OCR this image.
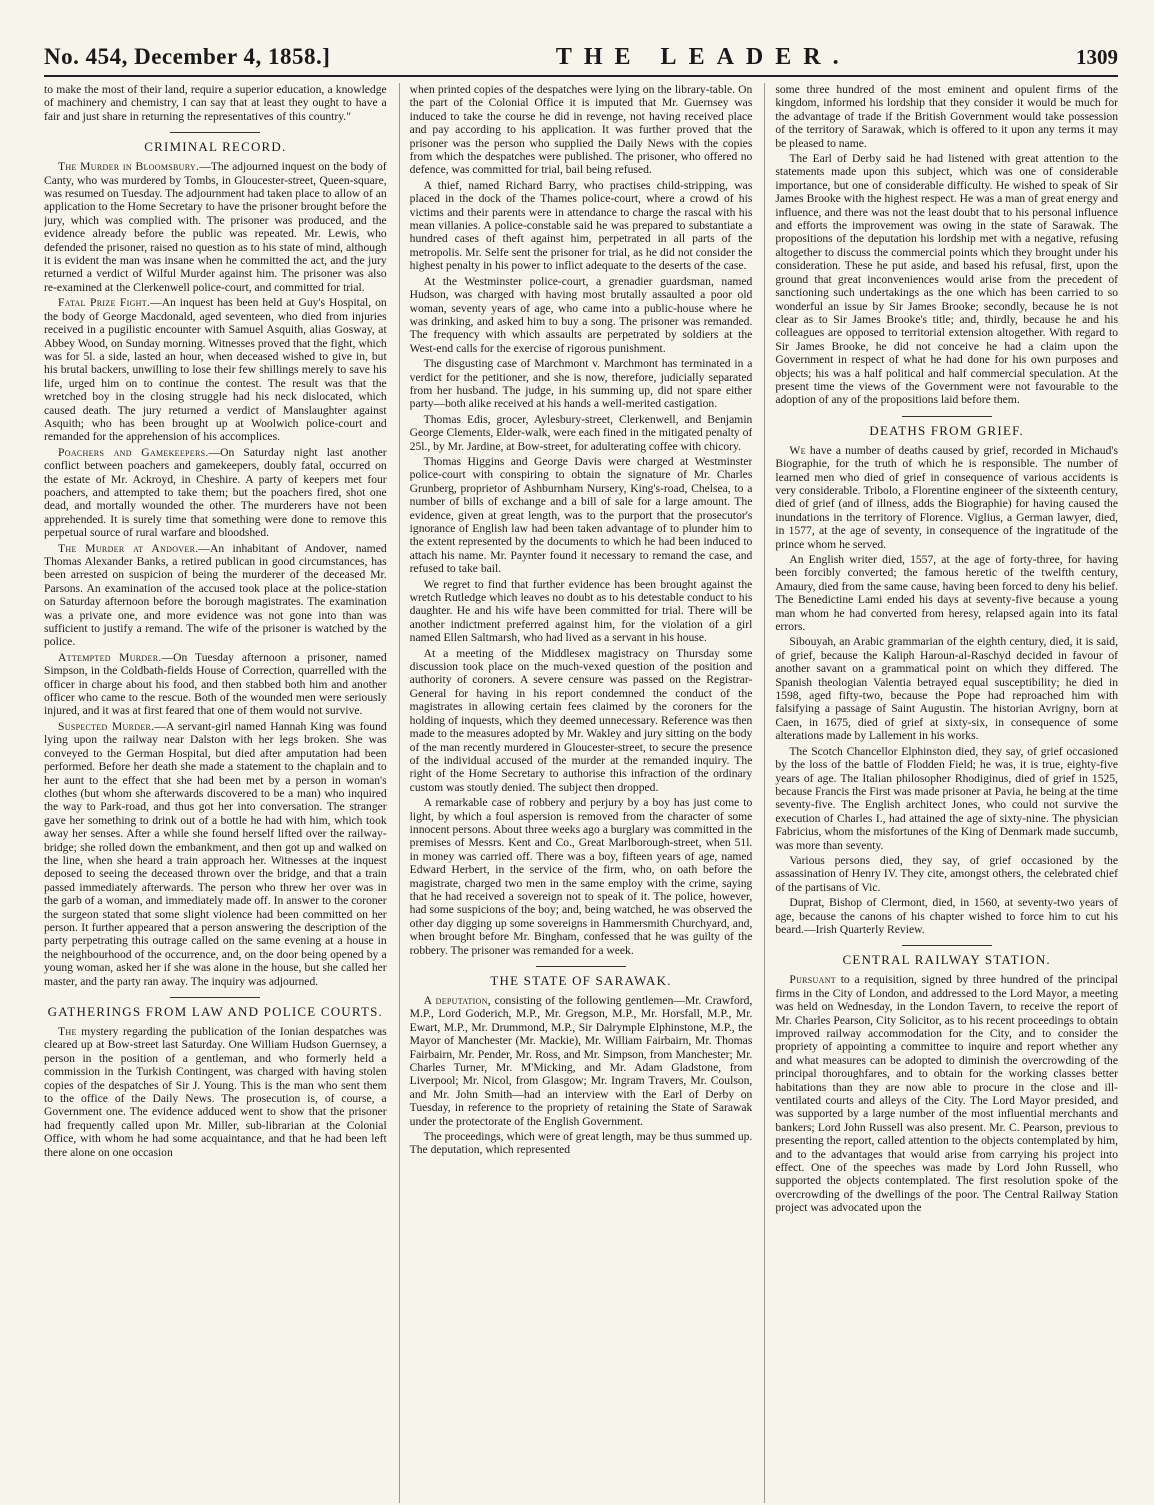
No. 454, December 4, 1858.]	THE LEADER.	1309

to make the most of their land, require a superior education, a knowledge of machinery and chemistry, I can say that at least they ought to have a fair and just share in returning the representatives of this country."

CRIMINAL RECORD.

The Murder in Bloomsbury.—The adjourned inquest on the body of Canty, who was murdered by Tombs, in Gloucester-street, Queen-square, was resumed on Tuesday. The adjournment had taken place to allow of an application to the Home Secretary to have the prisoner brought before the jury, which was complied with. The prisoner was produced, and the evidence already before the public was repeated. Mr. Lewis, who defended the prisoner, raised no question as to his state of mind, although it is evident the man was insane when he committed the act, and the jury returned a verdict of Wilful Murder against him. The prisoner was also re-examined at the Clerkenwell police-court, and committed for trial.

Fatal Prize Fight.—An inquest has been held at Guy's Hospital, on the body of George Macdonald, aged seventeen, who died from injuries received in a pugilistic encounter with Samuel Asquith, alias Gosway, at Abbey Wood, on Sunday morning. Witnesses proved that the fight, which was for 5l. a side, lasted an hour, when deceased wished to give in, but his brutal backers, unwilling to lose their few shillings merely to save his life, urged him on to continue the contest. The result was that the wretched boy in the closing struggle had his neck dislocated, which caused death. The jury returned a verdict of Manslaughter against Asquith; who has been brought up at Woolwich police-court and remanded for the apprehension of his accomplices.

Poachers and Gamekeepers.—On Saturday night last another conflict between poachers and gamekeepers, doubly fatal, occurred on the estate of Mr. Ackroyd, in Cheshire. A party of keepers met four poachers, and attempted to take them; but the poachers fired, shot one dead, and mortally wounded the other. The murderers have not been apprehended. It is surely time that something were done to remove this perpetual source of rural warfare and bloodshed.

The Murder at Andover.—An inhabitant of Andover, named Thomas Alexander Banks, a retired publican in good circumstances, has been arrested on suspicion of being the murderer of the deceased Mr. Parsons. An examination of the accused took place at the police-station on Saturday afternoon before the borough magistrates. The examination was a private one, and more evidence was not gone into than was sufficient to justify a remand. The wife of the prisoner is watched by the police.

Attempted Murder.—On Tuesday afternoon a prisoner, named Simpson, in the Coldbath-fields House of Correction, quarrelled with the officer in charge about his food, and then stabbed both him and another officer who came to the rescue. Both of the wounded men were seriously injured, and it was at first feared that one of them would not survive.

Suspected Murder.—A servant-girl named Hannah King was found lying upon the railway near Dalston with her legs broken. She was conveyed to the German Hospital, but died after amputation had been performed. Before her death she made a statement to the chaplain and to her aunt to the effect that she had been met by a person in woman's clothes (but whom she afterwards discovered to be a man) who inquired the way to Park-road, and thus got her into conversation. The stranger gave her something to drink out of a bottle he had with him, which took away her senses. After a while she found herself lifted over the railway-bridge; she rolled down the embankment, and then got up and walked on the line, when she heard a train approach her. Witnesses at the inquest deposed to seeing the deceased thrown over the bridge, and that a train passed immediately afterwards. The person who threw her over was in the garb of a woman, and immediately made off. In answer to the coroner the surgeon stated that some slight violence had been committed on her person. It further appeared that a person answering the description of the party perpetrating this outrage called on the same evening at a house in the neighbourhood of the occurrence, and, on the door being opened by a young woman, asked her if she was alone in the house, but she called her master, and the party ran away. The inquiry was adjourned.

GATHERINGS FROM LAW AND POLICE COURTS.

The mystery regarding the publication of the Ionian despatches was cleared up at Bow-street last Saturday. One William Hudson Guernsey, a person in the position of a gentleman, and who formerly held a commission in the Turkish Contingent, was charged with having stolen copies of the despatches of Sir J. Young. This is the man who sent them to the office of the Daily News. The prosecution is, of course, a Government one. The evidence adduced went to show that the prisoner had frequently called upon Mr. Miller, sub-librarian at the Colonial Office, with whom he had some acquaintance, and that he had been left there alone on one occasion

when printed copies of the despatches were lying on the library-table. On the part of the Colonial Office it is imputed that Mr. Guernsey was induced to take the course he did in revenge, not having received place and pay according to his application. It was further proved that the prisoner was the person who supplied the Daily News with the copies from which the despatches were published. The prisoner, who offered no defence, was committed for trial, bail being refused.

A thief, named Richard Barry, who practises child-stripping, was placed in the dock of the Thames police-court, where a crowd of his victims and their parents were in attendance to charge the rascal with his mean villanies. A police-constable said he was prepared to substantiate a hundred cases of theft against him, perpetrated in all parts of the metropolis. Mr. Selfe sent the prisoner for trial, as he did not consider the highest penalty in his power to inflict adequate to the deserts of the case.

At the Westminster police-court, a grenadier guardsman, named Hudson, was charged with having most brutally assaulted a poor old woman, seventy years of age, who came into a public-house where he was drinking, and asked him to buy a song. The prisoner was remanded. The frequency with which assaults are perpetrated by soldiers at the West-end calls for the exercise of rigorous punishment.

The disgusting case of Marchmont v. Marchmont has terminated in a verdict for the petitioner, and she is now, therefore, judicially separated from her husband. The judge, in his summing up, did not spare either party—both alike received at his hands a well-merited castigation.

Thomas Edis, grocer, Aylesbury-street, Clerkenwell, and Benjamin George Clements, Elder-walk, were each fined in the mitigated penalty of 25l., by Mr. Jardine, at Bow-street, for adulterating coffee with chicory.

Thomas Higgins and George Davis were charged at Westminster police-court with conspiring to obtain the signature of Mr. Charles Grunberg, proprietor of Ashburnham Nursery, King's-road, Chelsea, to a number of bills of exchange and a bill of sale for a large amount. The evidence, given at great length, was to the purport that the prosecutor's ignorance of English law had been taken advantage of to plunder him to the extent represented by the documents to which he had been induced to attach his name. Mr. Paynter found it necessary to remand the case, and refused to take bail.

We regret to find that further evidence has been brought against the wretch Rutledge which leaves no doubt as to his detestable conduct to his daughter. He and his wife have been committed for trial. There will be another indictment preferred against him, for the violation of a girl named Ellen Saltmarsh, who had lived as a servant in his house.

At a meeting of the Middlesex magistracy on Thursday some discussion took place on the much-vexed question of the position and authority of coroners. A severe censure was passed on the Registrar-General for having in his report condemned the conduct of the magistrates in allowing certain fees claimed by the coroners for the holding of inquests, which they deemed unnecessary. Reference was then made to the measures adopted by Mr. Wakley and jury sitting on the body of the man recently murdered in Gloucester-street, to secure the presence of the individual accused of the murder at the remanded inquiry. The right of the Home Secretary to authorise this infraction of the ordinary custom was stoutly denied. The subject then dropped.

A remarkable case of robbery and perjury by a boy has just come to light, by which a foul aspersion is removed from the character of some innocent persons. About three weeks ago a burglary was committed in the premises of Messrs. Kent and Co., Great Marlborough-street, when 51l. in money was carried off. There was a boy, fifteen years of age, named Edward Herbert, in the service of the firm, who, on oath before the magistrate, charged two men in the same employ with the crime, saying that he had received a sovereign not to speak of it. The police, however, had some suspicions of the boy; and, being watched, he was observed the other day digging up some sovereigns in Hammersmith Churchyard, and, when brought before Mr. Bingham, confessed that he was guilty of the robbery. The prisoner was remanded for a week.

THE STATE OF SARAWAK.

A deputation, consisting of the following gentlemen—Mr. Crawford, M.P., Lord Goderich, M.P., Mr. Gregson, M.P., Mr. Horsfall, M.P., Mr. Ewart, M.P., Mr. Drummond, M.P., Sir Dalrymple Elphinstone, M.P., the Mayor of Manchester (Mr. Mackie), Mr. William Fairbairn, Mr. Thomas Fairbairn, Mr. Pender, Mr. Ross, and Mr. Simpson, from Manchester; Mr. Charles Turner, Mr. M'Micking, and Mr. Adam Gladstone, from Liverpool; Mr. Nicol, from Glasgow; Mr. Ingram Travers, Mr. Coulson, and Mr. John Smith—had an interview with the Earl of Derby on Tuesday, in reference to the propriety of retaining the State of Sarawak under the protectorate of the English Government.

The proceedings, which were of great length, may be thus summed up. The deputation, which represented

some three hundred of the most eminent and opulent firms of the kingdom, informed his lordship that they consider it would be much for the advantage of trade if the British Government would take possession of the territory of Sarawak, which is offered to it upon any terms it may be pleased to name.

The Earl of Derby said he had listened with great attention to the statements made upon this subject, which was one of considerable importance, but one of considerable difficulty. He wished to speak of Sir James Brooke with the highest respect. He was a man of great energy and influence, and there was not the least doubt that to his personal influence and efforts the improvement was owing in the state of Sarawak. The propositions of the deputation his lordship met with a negative, refusing altogether to discuss the commercial points which they brought under his consideration. These he put aside, and based his refusal, first, upon the ground that great inconveniences would arise from the precedent of sanctioning such undertakings as the one which has been carried to so wonderful an issue by Sir James Brooke; secondly, because he is not clear as to Sir James Brooke's title; and, thirdly, because he and his colleagues are opposed to territorial extension altogether. With regard to Sir James Brooke, he did not conceive he had a claim upon the Government in respect of what he had done for his own purposes and objects; his was a half political and half commercial speculation. At the present time the views of the Government were not favourable to the adoption of any of the propositions laid before them.

DEATHS FROM GRIEF.

We have a number of deaths caused by grief, recorded in Michaud's Biographie, for the truth of which he is responsible. The number of learned men who died of grief in consequence of various accidents is very considerable. Tribolo, a Florentine engineer of the sixteenth century, died of grief (and of illness, adds the Biographie) for having caused the inundations in the territory of Florence. Viglius, a German lawyer, died, in 1577, at the age of seventy, in consequence of the ingratitude of the prince whom he served.

An English writer died, 1557, at the age of forty-three, for having been forcibly converted; the famous heretic of the twelfth century, Amaury, died from the same cause, having been forced to deny his belief. The Benedictine Lami ended his days at seventy-five because a young man whom he had converted from heresy, relapsed again into its fatal errors.

Sibouyah, an Arabic grammarian of the eighth century, died, it is said, of grief, because the Kaliph Haroun-al-Raschyd decided in favour of another savant on a grammatical point on which they differed. The Spanish theologian Valentia betrayed equal susceptibility; he died in 1598, aged fifty-two, because the Pope had reproached him with falsifying a passage of Saint Augustin. The historian Avrigny, born at Caen, in 1675, died of grief at sixty-six, in consequence of some alterations made by Lallement in his works.

The Scotch Chancellor Elphinston died, they say, of grief occasioned by the loss of the battle of Flodden Field; he was, it is true, eighty-five years of age. The Italian philosopher Rhodiginus, died of grief in 1525, because Francis the First was made prisoner at Pavia, he being at the time seventy-five. The English architect Jones, who could not survive the execution of Charles I., had attained the age of sixty-nine. The physician Fabricius, whom the misfortunes of the King of Denmark made succumb, was more than seventy.

Various persons died, they say, of grief occasioned by the assassination of Henry IV. They cite, amongst others, the celebrated chief of the partisans of Vic.

Duprat, Bishop of Clermont, died, in 1560, at seventy-two years of age, because the canons of his chapter wished to force him to cut his beard.—Irish Quarterly Review.

CENTRAL RAILWAY STATION.

Pursuant to a requisition, signed by three hundred of the principal firms in the City of London, and addressed to the Lord Mayor, a meeting was held on Wednesday, in the London Tavern, to receive the report of Mr. Charles Pearson, City Solicitor, as to his recent proceedings to obtain improved railway accommodation for the City, and to consider the propriety of appointing a committee to inquire and report whether any and what measures can be adopted to diminish the overcrowding of the principal thoroughfares, and to obtain for the working classes better habitations than they are now able to procure in the close and ill-ventilated courts and alleys of the City. The Lord Mayor presided, and was supported by a large number of the most influential merchants and bankers; Lord John Russell was also present. Mr. C. Pearson, previous to presenting the report, called attention to the objects contemplated by him, and to the advantages that would arise from carrying his project into effect. One of the speeches was made by Lord John Russell, who supported the objects contemplated. The first resolution spoke of the overcrowding of the dwellings of the poor. The Central Railway Station project was advocated upon the
